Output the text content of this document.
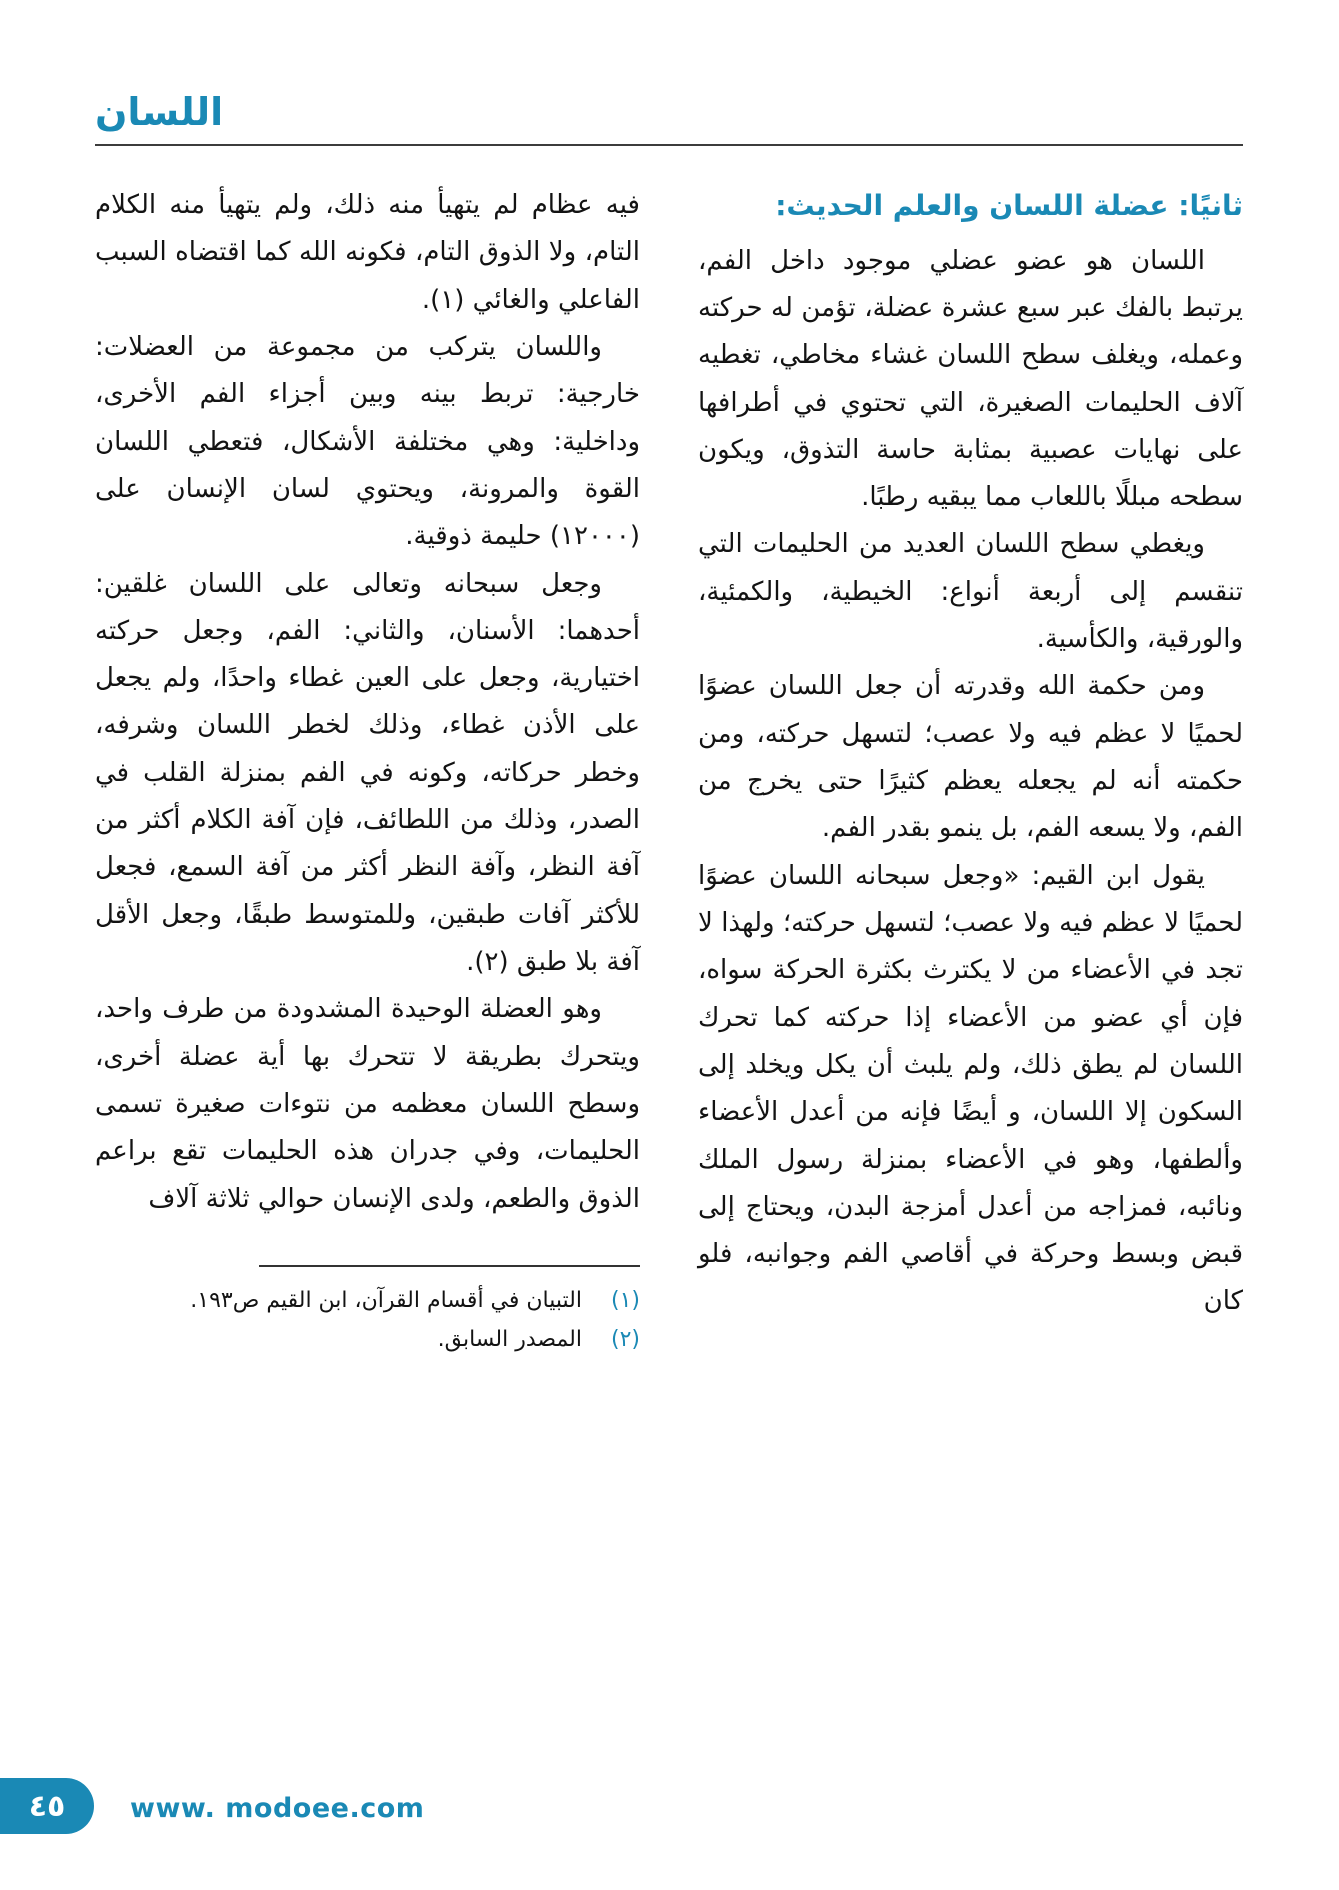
اللسان
ثانيًا: عضلة اللسان والعلم الحديث:

اللسان هو عضو عضلي موجود داخل الفم، يرتبط بالفك عبر سبع عشرة عضلة، تؤمن له حركته وعمله، ويغلف سطح اللسان غشاء مخاطي، تغطيه آلاف الحليمات الصغيرة، التي تحتوي في أطرافها على نهايات عصبية بمثابة حاسة التذوق، ويكون سطحه مبللًا باللعاب مما يبقيه رطبًا.

ويغطي سطح اللسان العديد من الحليمات التي تنقسم إلى أربعة أنواع: الخيطية، والكمئية، والورقية، والكأسية.

ومن حكمة الله وقدرته أن جعل اللسان عضوًا لحميًا لا عظم فيه ولا عصب؛ لتسهل حركته، ومن حكمته أنه لم يجعله يعظم كثيرًا حتى يخرج من الفم، ولا يسعه الفم، بل ينمو بقدر الفم.

يقول ابن القيم: «وجعل سبحانه اللسان عضوًا لحميًا لا عظم فيه ولا عصب؛ لتسهل حركته؛ ولهذا لا تجد في الأعضاء من لا يكترث بكثرة الحركة سواه، فإن أي عضو من الأعضاء إذا حركته كما تحرك اللسان لم يطق ذلك، ولم يلبث أن يكل ويخلد إلى السكون إلا اللسان، و أيضًا فإنه من أعدل الأعضاء وألطفها، وهو في الأعضاء بمنزلة رسول الملك ونائبه، فمزاجه من أعدل أمزجة البدن، ويحتاج إلى قبض وبسط وحركة في أقاصي الفم وجوانبه، فلو كان

فيه عظام لم يتهيأ منه ذلك، ولم يتهيأ منه الكلام التام، ولا الذوق التام، فكونه الله كما اقتضاه السبب الفاعلي والغائي (١).

واللسان يتركب من مجموعة من العضلات: خارجية: تربط بينه وبين أجزاء الفم الأخرى، وداخلية: وهي مختلفة الأشكال، فتعطي اللسان القوة والمرونة، ويحتوي لسان الإنسان على (١٢٠٠٠) حليمة ذوقية.

وجعل سبحانه وتعالى على اللسان غلقين: أحدهما: الأسنان، والثاني: الفم، وجعل حركته اختيارية، وجعل على العين غطاء واحدًا، ولم يجعل على الأذن غطاء، وذلك لخطر اللسان وشرفه، وخطر حركاته، وكونه في الفم بمنزلة القلب في الصدر، وذلك من اللطائف، فإن آفة الكلام أكثر من آفة النظر، وآفة النظر أكثر من آفة السمع، فجعل للأكثر آفات طبقين، وللمتوسط طبقًا، وجعل الأقل آفة بلا طبق (٢).

وهو العضلة الوحيدة المشدودة من طرف واحد، ويتحرك بطريقة لا تتحرك بها أية عضلة أخرى، وسطح اللسان معظمه من نتوءات صغيرة تسمى الحليمات، وفي جدران هذه الحليمات تقع براعم الذوق والطعم، ولدى الإنسان حوالي ثلاثة آلاف

(١)
التبيان في أقسام القرآن، ابن القيم ص١٩٣.
(٢)
المصدر السابق.
٤٥	www. modoee.com
